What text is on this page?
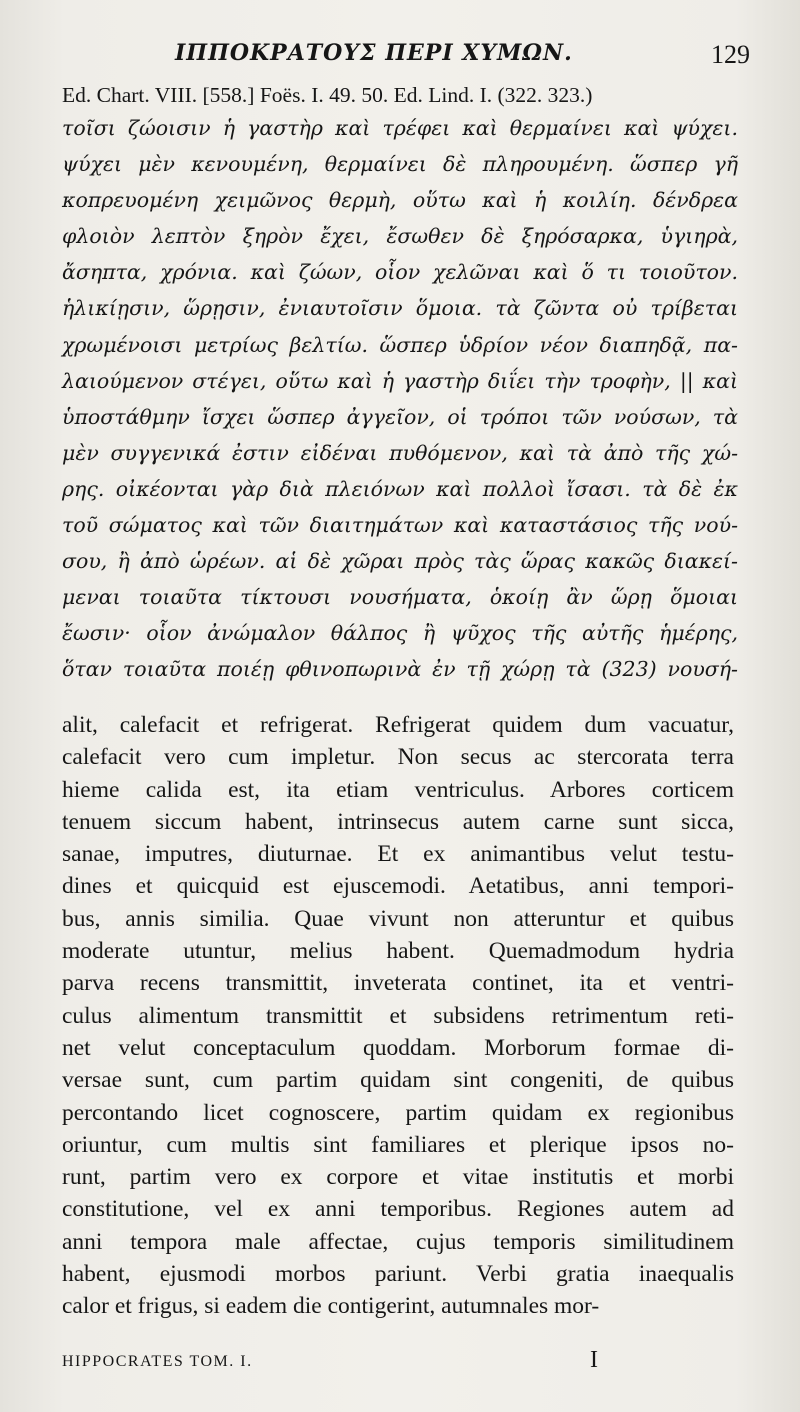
ΙΠΠΟΚΡΑΤΟΥΣ ΠΕΡΙ ΧΥΜΩΝ.	129
Ed. Chart. VIII. [558.] Foës. I. 49. 50. Ed. Lind. I. (322. 323.)
τοῖσι ζώοισιν ἡ γαστὴρ καὶ τρέφει καὶ θερμαίνει καὶ ψύχει.
ψύχει μὲν κενουμένη, θερμαίνει δὲ πληρουμένη. ὥσπερ γῆ
κοπρευομένη χειμῶνος θερμὴ, οὕτω καὶ ἡ κοιλίη. δένδρεα
φλοιὸν λεπτὸν ξηρὸν ἔχει, ἔσωθεν δὲ ξηρόσαρκα, ὑγιηρὰ,
ἄσηπτα, χρόνια. καὶ ζώων, οἷον χελῶναι καὶ ὅ τι τοιοῦτον.
ἡλικίῃσιν, ὥρῃσιν, ἐνιαυτοῖσιν ὅμοια. τὰ ζῶντα οὐ τρίβεται
χρωμένοισι μετρίως βελτίω. ὥσπερ ὑδρίον νέον διαπηδᾷ, πα-
λαιούμενον στέγει, οὕτω καὶ ἡ γαστὴρ διΐει τὴν τροφὴν, || καὶ
ὑποστάθμην ἴσχει ὥσπερ ἀγγεῖον, οἱ τρόποι τῶν νούσων, τὰ
μὲν συγγενικά ἐστιν εἰδέναι πυθόμενον, καὶ τὰ ἀπὸ τῆς χώ-
ρης. οἰκέονται γὰρ διὰ πλειόνων καὶ πολλοὶ ἴσασι. τὰ δὲ ἐκ
τοῦ σώματος καὶ τῶν διαιτημάτων καὶ καταστάσιος τῆς νού-
σου, ἢ ἀπὸ ὡρέων. αἱ δὲ χῶραι πρὸς τὰς ὥρας κακῶς διακεί-
μεναι τοιαῦτα τίκτουσι νουσήματα, ὁκοίῃ ἂν ὥρῃ ὅμοιαι
ἔωσιν· οἷον ἀνώμαλον θάλπος ἢ ψῦχος τῆς αὐτῆς ἡμέρης,
ὅταν τοιαῦτα ποιέῃ φθινοπωρινὰ ἐν τῇ χώρῃ τὰ (323) νουσή-
alit, calefacit et refrigerat. Refrigerat quidem dum vacuatur,
calefacit vero cum impletur. Non secus ac stercorata terra
hieme calida est, ita etiam ventriculus. Arbores corticem
tenuem siccum habent, intrinsecus autem carne sunt sicca,
sanae, imputres, diuturnae. Et ex animantibus velut testu-
dines et quicquid est ejuscemodi. Aetatibus, anni tempori-
bus, annis similia. Quae vivunt non atteruntur et quibus
moderate utuntur, melius habent. Quemadmodum hydria
parva recens transmittit, inveterata continet, ita et ventri-
culus alimentum transmittit et subsidens retrimentum reti-
net velut conceptaculum quoddam. Morborum formae di-
versae sunt, cum partim quidam sint congeniti, de quibus
percontando licet cognoscere, partim quidam ex regionibus
oriuntur, cum multis sint familiares et plerique ipsos no-
runt, partim vero ex corpore et vitae institutis et morbi
constitutione, vel ex anni temporibus. Regiones autem ad
anni tempora male affectae, cujus temporis similitudinem
habent, ejusmodi morbos pariunt. Verbi gratia inaequalis
calor et frigus, si eadem die contigerint, autumnales mor-
HIPPOCRATES TOM. I.	I
